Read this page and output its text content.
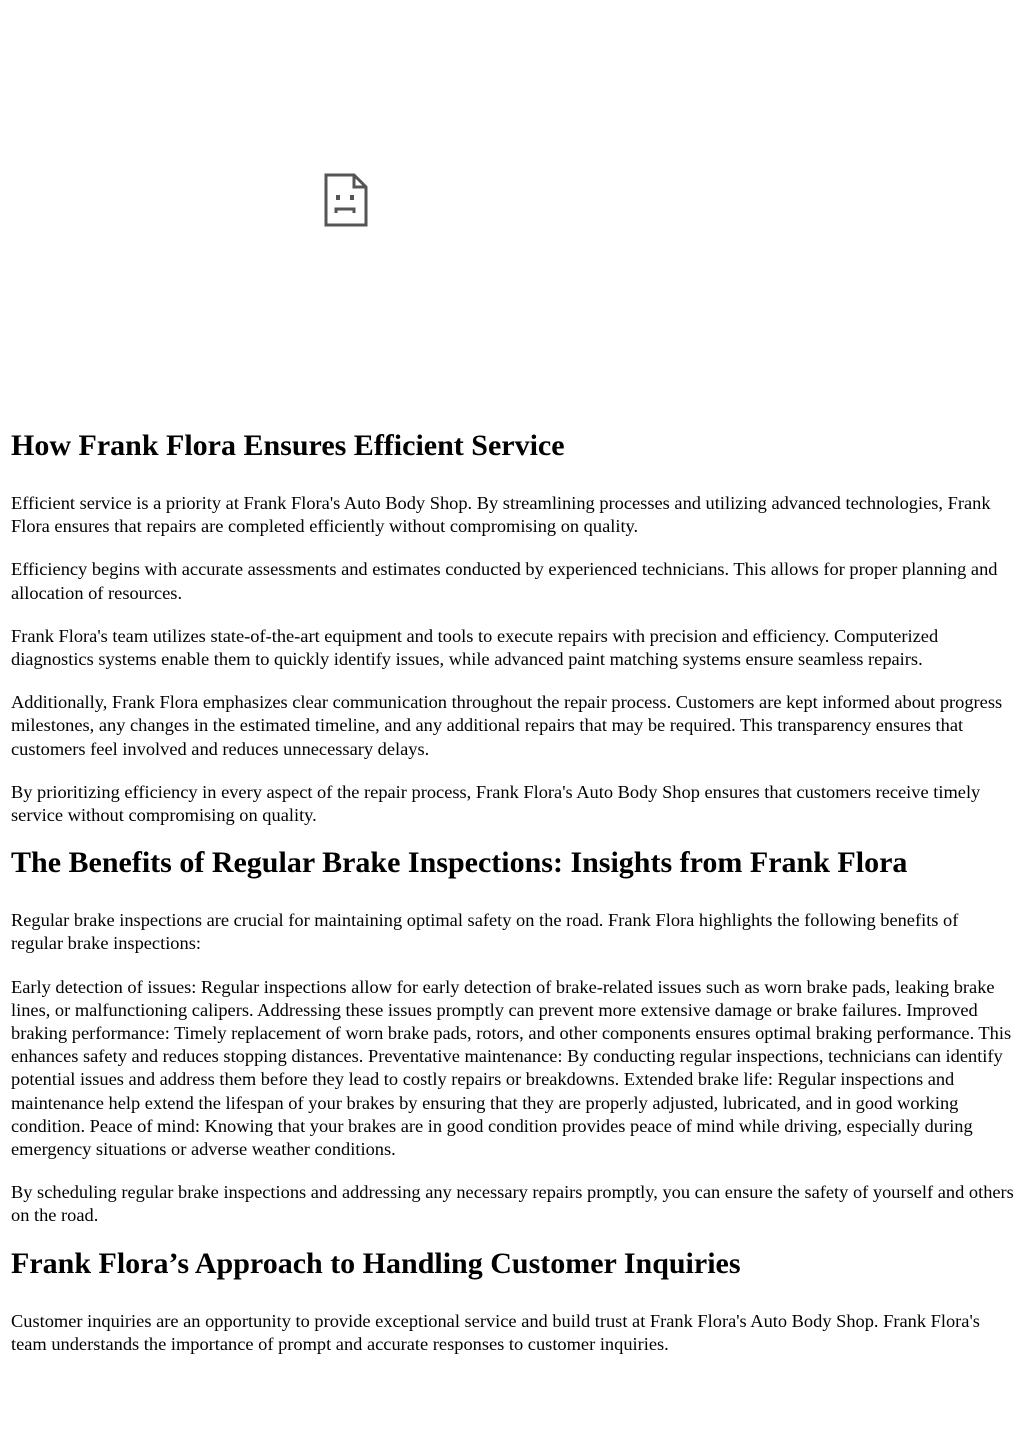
How Frank Flora Ensures Efficient Service

Efficient service is a priority at Frank Flora's Auto Body Shop. By streamlining processes and utilizing advanced technologies, Frank Flora ensures that repairs are completed efficiently without compromising on quality.

Efficiency begins with accurate assessments and estimates conducted by experienced technicians. This allows for proper planning and allocation of resources.

Frank Flora's team utilizes state-of-the-art equipment and tools to execute repairs with precision and efficiency. Computerized diagnostics systems enable them to quickly identify issues, while advanced paint matching systems ensure seamless repairs.

Additionally, Frank Flora emphasizes clear communication throughout the repair process. Customers are kept informed about progress milestones, any changes in the estimated timeline, and any additional repairs that may be required. This transparency ensures that customers feel involved and reduces unnecessary delays.

By prioritizing efficiency in every aspect of the repair process, Frank Flora's Auto Body Shop ensures that customers receive timely service without compromising on quality.

The Benefits of Regular Brake Inspections: Insights from Frank Flora

Regular brake inspections are crucial for maintaining optimal safety on the road. Frank Flora highlights the following benefits of regular brake inspections:

Early detection of issues: Regular inspections allow for early detection of brake-related issues such as worn brake pads, leaking brake lines, or malfunctioning calipers. Addressing these issues promptly can prevent more extensive damage or brake failures. Improved braking performance: Timely replacement of worn brake pads, rotors, and other components ensures optimal braking performance. This enhances safety and reduces stopping distances. Preventative maintenance: By conducting regular inspections, technicians can identify potential issues and address them before they lead to costly repairs or breakdowns. Extended brake life: Regular inspections and maintenance help extend the lifespan of your brakes by ensuring that they are properly adjusted, lubricated, and in good working condition. Peace of mind: Knowing that your brakes are in good condition provides peace of mind while driving, especially during emergency situations or adverse weather conditions.

By scheduling regular brake inspections and addressing any necessary repairs promptly, you can ensure the safety of yourself and others on the road.

Frank Flora’s Approach to Handling Customer Inquiries

Customer inquiries are an opportunity to provide exceptional service and build trust at Frank Flora's Auto Body Shop. Frank Flora's team understands the importance of prompt and accurate responses to customer inquiries.
